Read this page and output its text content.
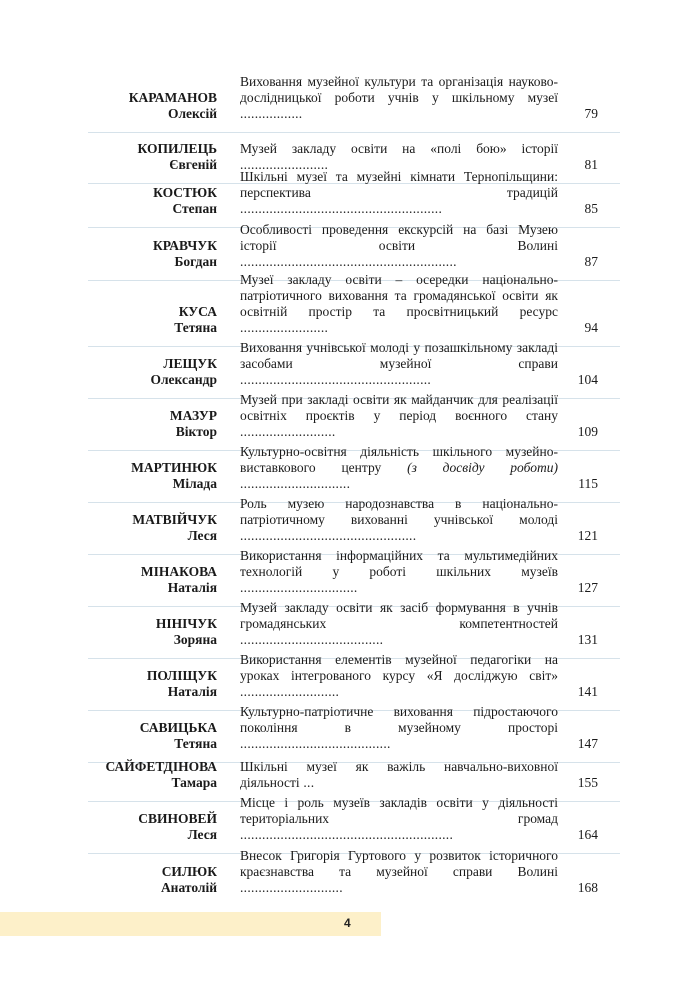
КАРАМАНОВ
Олексій
Виховання музейної культури та організація науково-дослідницької роботи учнів у шкільному музеї .................	79
КОПИЛЕЦЬ
Євгеній
Музей закладу освіти на «полі бою» історії ........................	81
КОСТЮК
Степан
Шкільні музеї та музейні кімнати Тернопільщини: перспектива традицій .......................................................	85
КРАВЧУК
Богдан
Особливості проведення екскурсій на базі Музею історії освіти Волині ...........................................................	87
КУСА
Тетяна
Музеї закладу освіти – осередки національно-патріотичного виховання та громадянської освіти як освітній простір та просвітницький ресурс ........................	94
ЛЕЩУК
Олександр
Виховання учнівської молоді у позашкільному закладі засобами музейної справи ....................................................	104
МАЗУР
Віктор
Музей при закладі освіти як майданчик для реалізації освітніх проєктів у період воєнного стану ..........................	109
МАРТИНЮК
Мілада
Культурно-освітня діяльність шкільного музейно-виставкового центру (з досвіду роботи) ..............................	115
МАТВІЙЧУК
Леся
Роль музею народознавства в національно-патріотичному вихованні учнівської молоді ................................................	121
МІНАКОВА
Наталія
Використання інформаційних та мультимедійних технологій у роботі шкільних музеїв ................................	127
НІНІЧУК
Зоряна
Музей закладу освіти як засіб формування в учнів громадянських компетентностей .......................................	131
ПОЛІЩУК
Наталія
Використання елементів музейної педагогіки на уроках інтегрованого курсу «Я досліджую світ» ...........................	141
САВИЦЬКА
Тетяна
Культурно-патріотичне виховання підростаючого покоління в музейному просторі .........................................	147
САЙФЕТДІНОВА
Тамара
Шкільні музеї як важіль навчально-виховної діяльності ...	155
СВИНОВЕЙ
Леся
Місце і роль музеїв закладів освіти у діяльності територіальних громад ..........................................................	164
СИЛЮК
Анатолій
Внесок Григорія Гуртового у розвиток історичного краєзнавства та музейної справи Волині ............................	168
4
